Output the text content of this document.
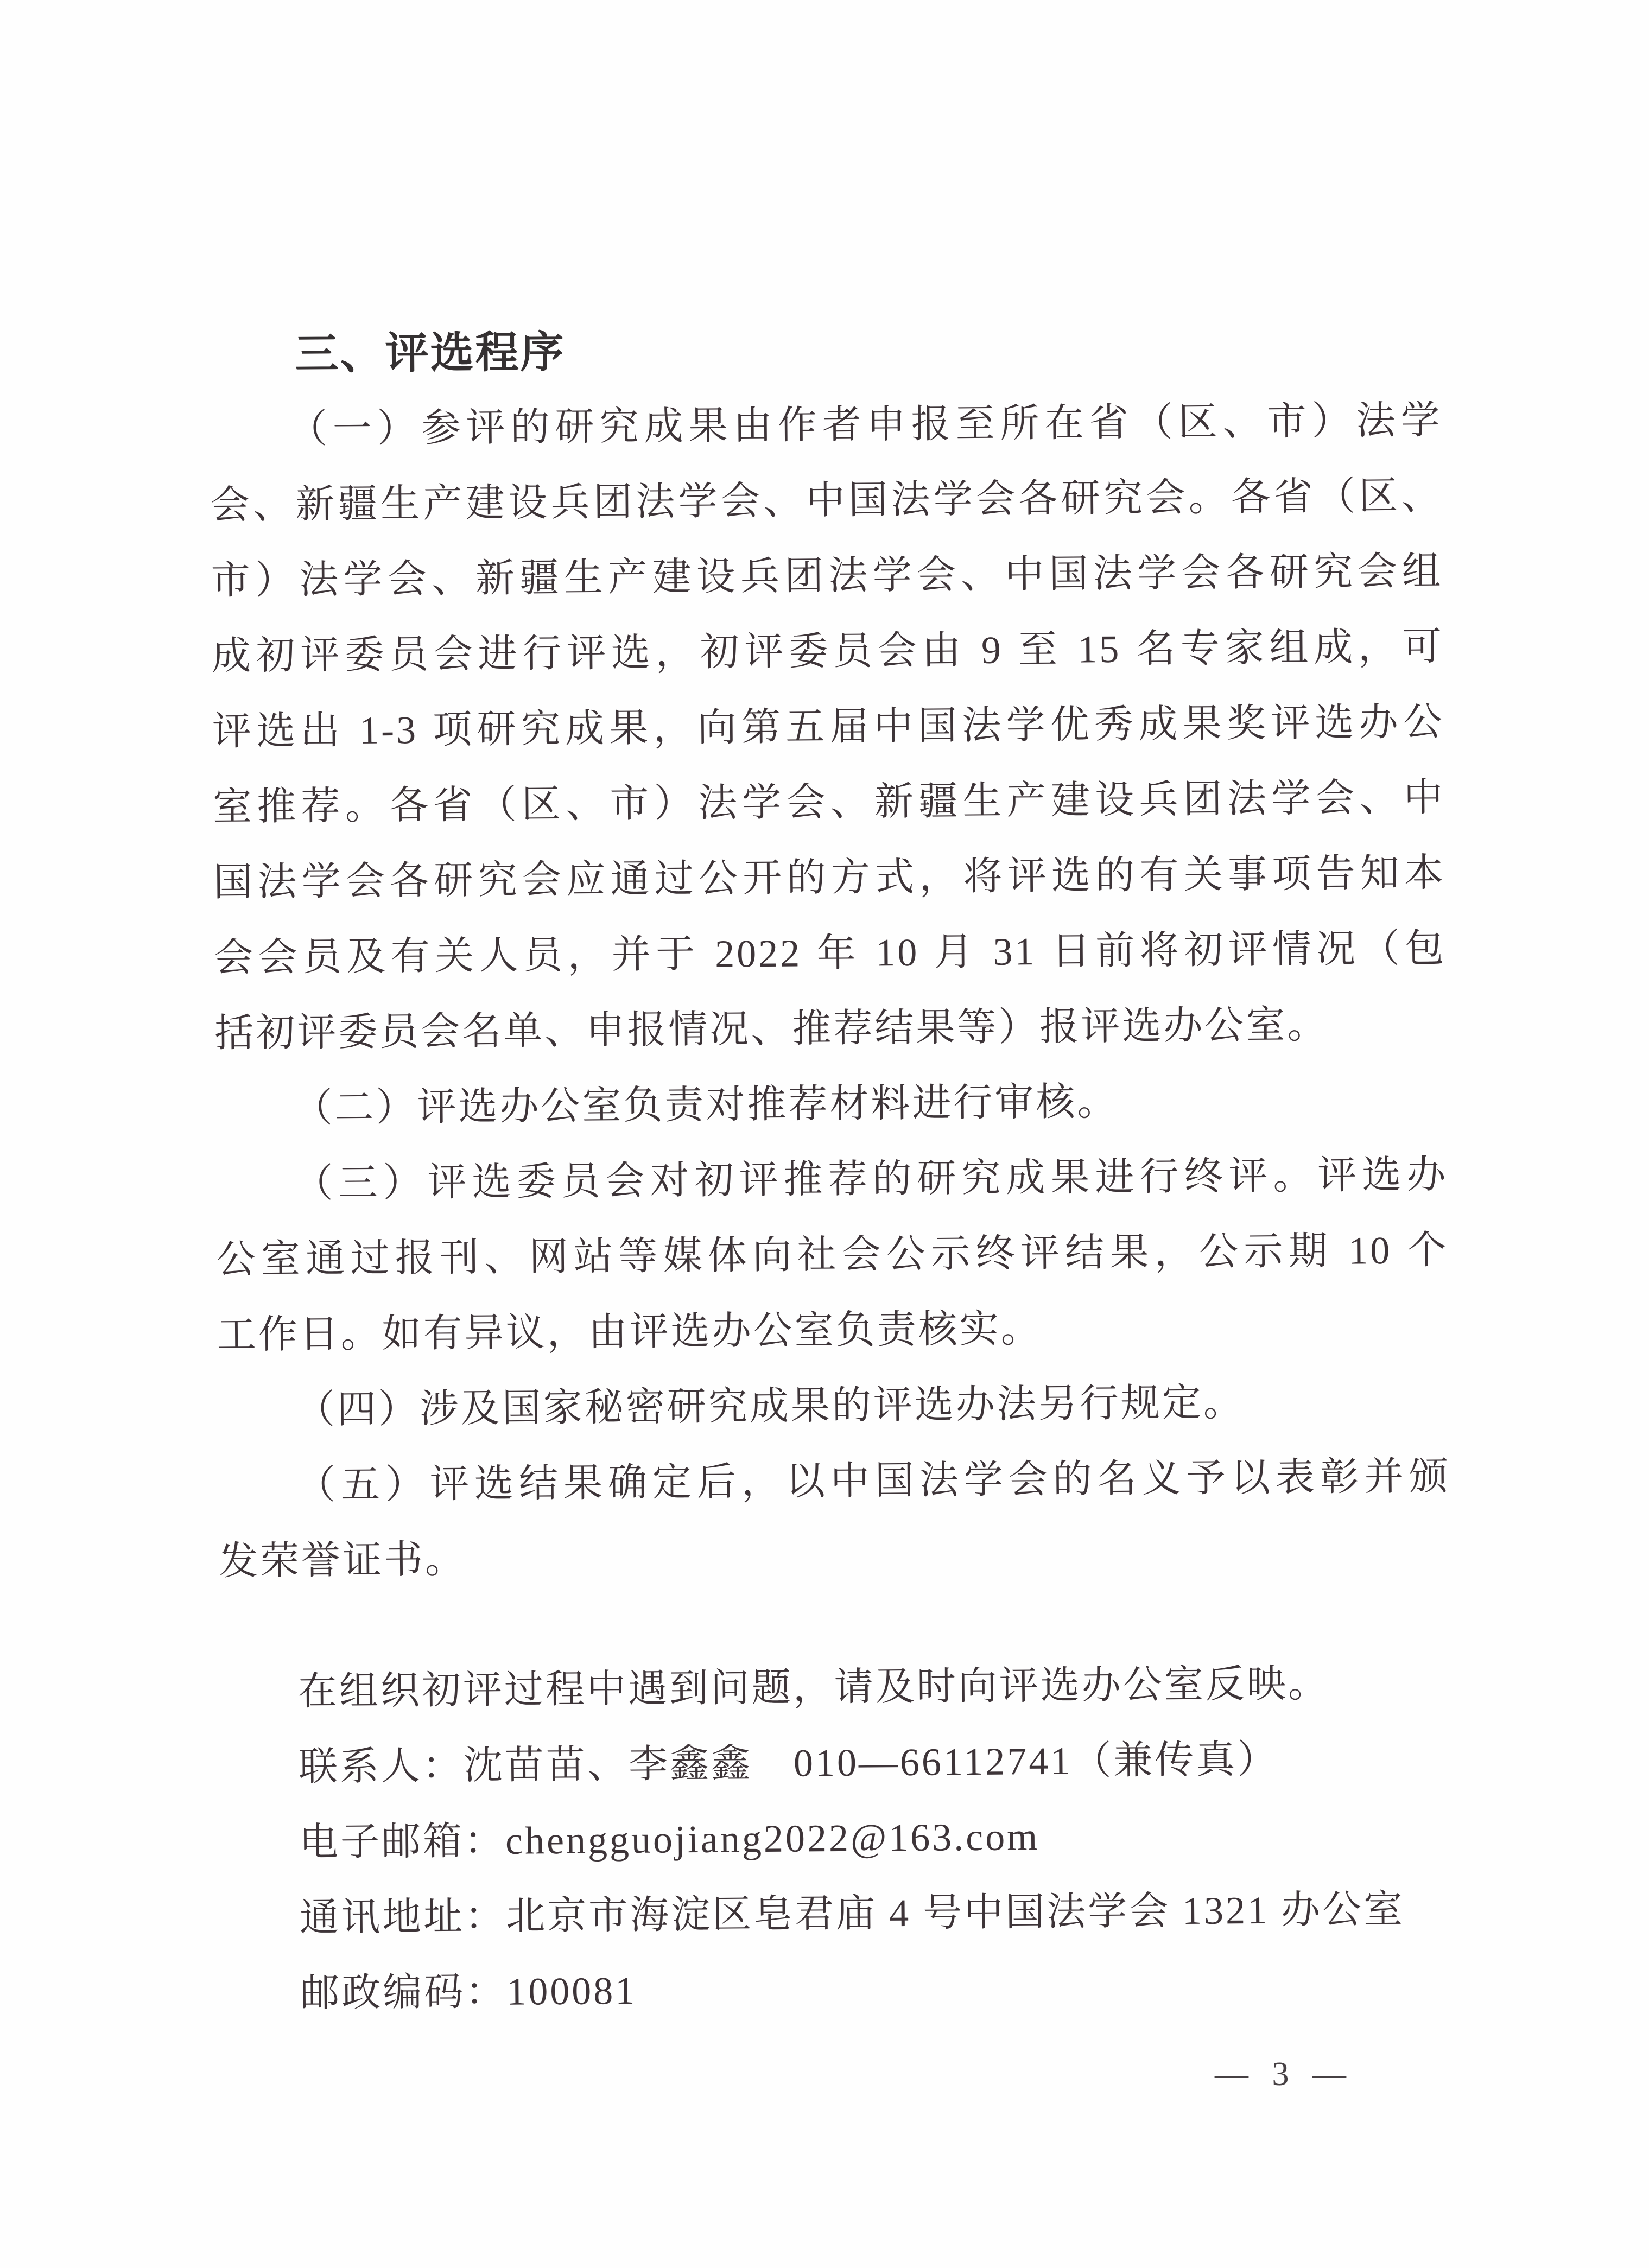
三、评选程序

（一）参评的研究成果由作者申报至所在省（区、市）法学

会、新疆生产建设兵团法学会、中国法学会各研究会。各省（区、

市）法学会、新疆生产建设兵团法学会、中国法学会各研究会组

成初评委员会进行评选，初评委员会由 9 至 15 名专家组成，可

评选出 1-3 项研究成果，向第五届中国法学优秀成果奖评选办公

室推荐。各省（区、市）法学会、新疆生产建设兵团法学会、中

国法学会各研究会应通过公开的方式，将评选的有关事项告知本

会会员及有关人员，并于 2022 年 10 月 31 日前将初评情况（包

括初评委员会名单、申报情况、推荐结果等）报评选办公室。

（二）评选办公室负责对推荐材料进行审核。

（三）评选委员会对初评推荐的研究成果进行终评。评选办

公室通过报刊、网站等媒体向社会公示终评结果，公示期 10 个

工作日。如有异议，由评选办公室负责核实。

（四）涉及国家秘密研究成果的评选办法另行规定。

（五）评选结果确定后，以中国法学会的名义予以表彰并颁

发荣誉证书。

在组织初评过程中遇到问题，请及时向评选办公室反映。

联系人：沈苗苗、李鑫鑫　010—66112741（兼传真）

电子邮箱：chengguojiang2022@163.com

通讯地址：北京市海淀区皂君庙 4 号中国法学会 1321 办公室

邮政编码：100081

— 3 —
